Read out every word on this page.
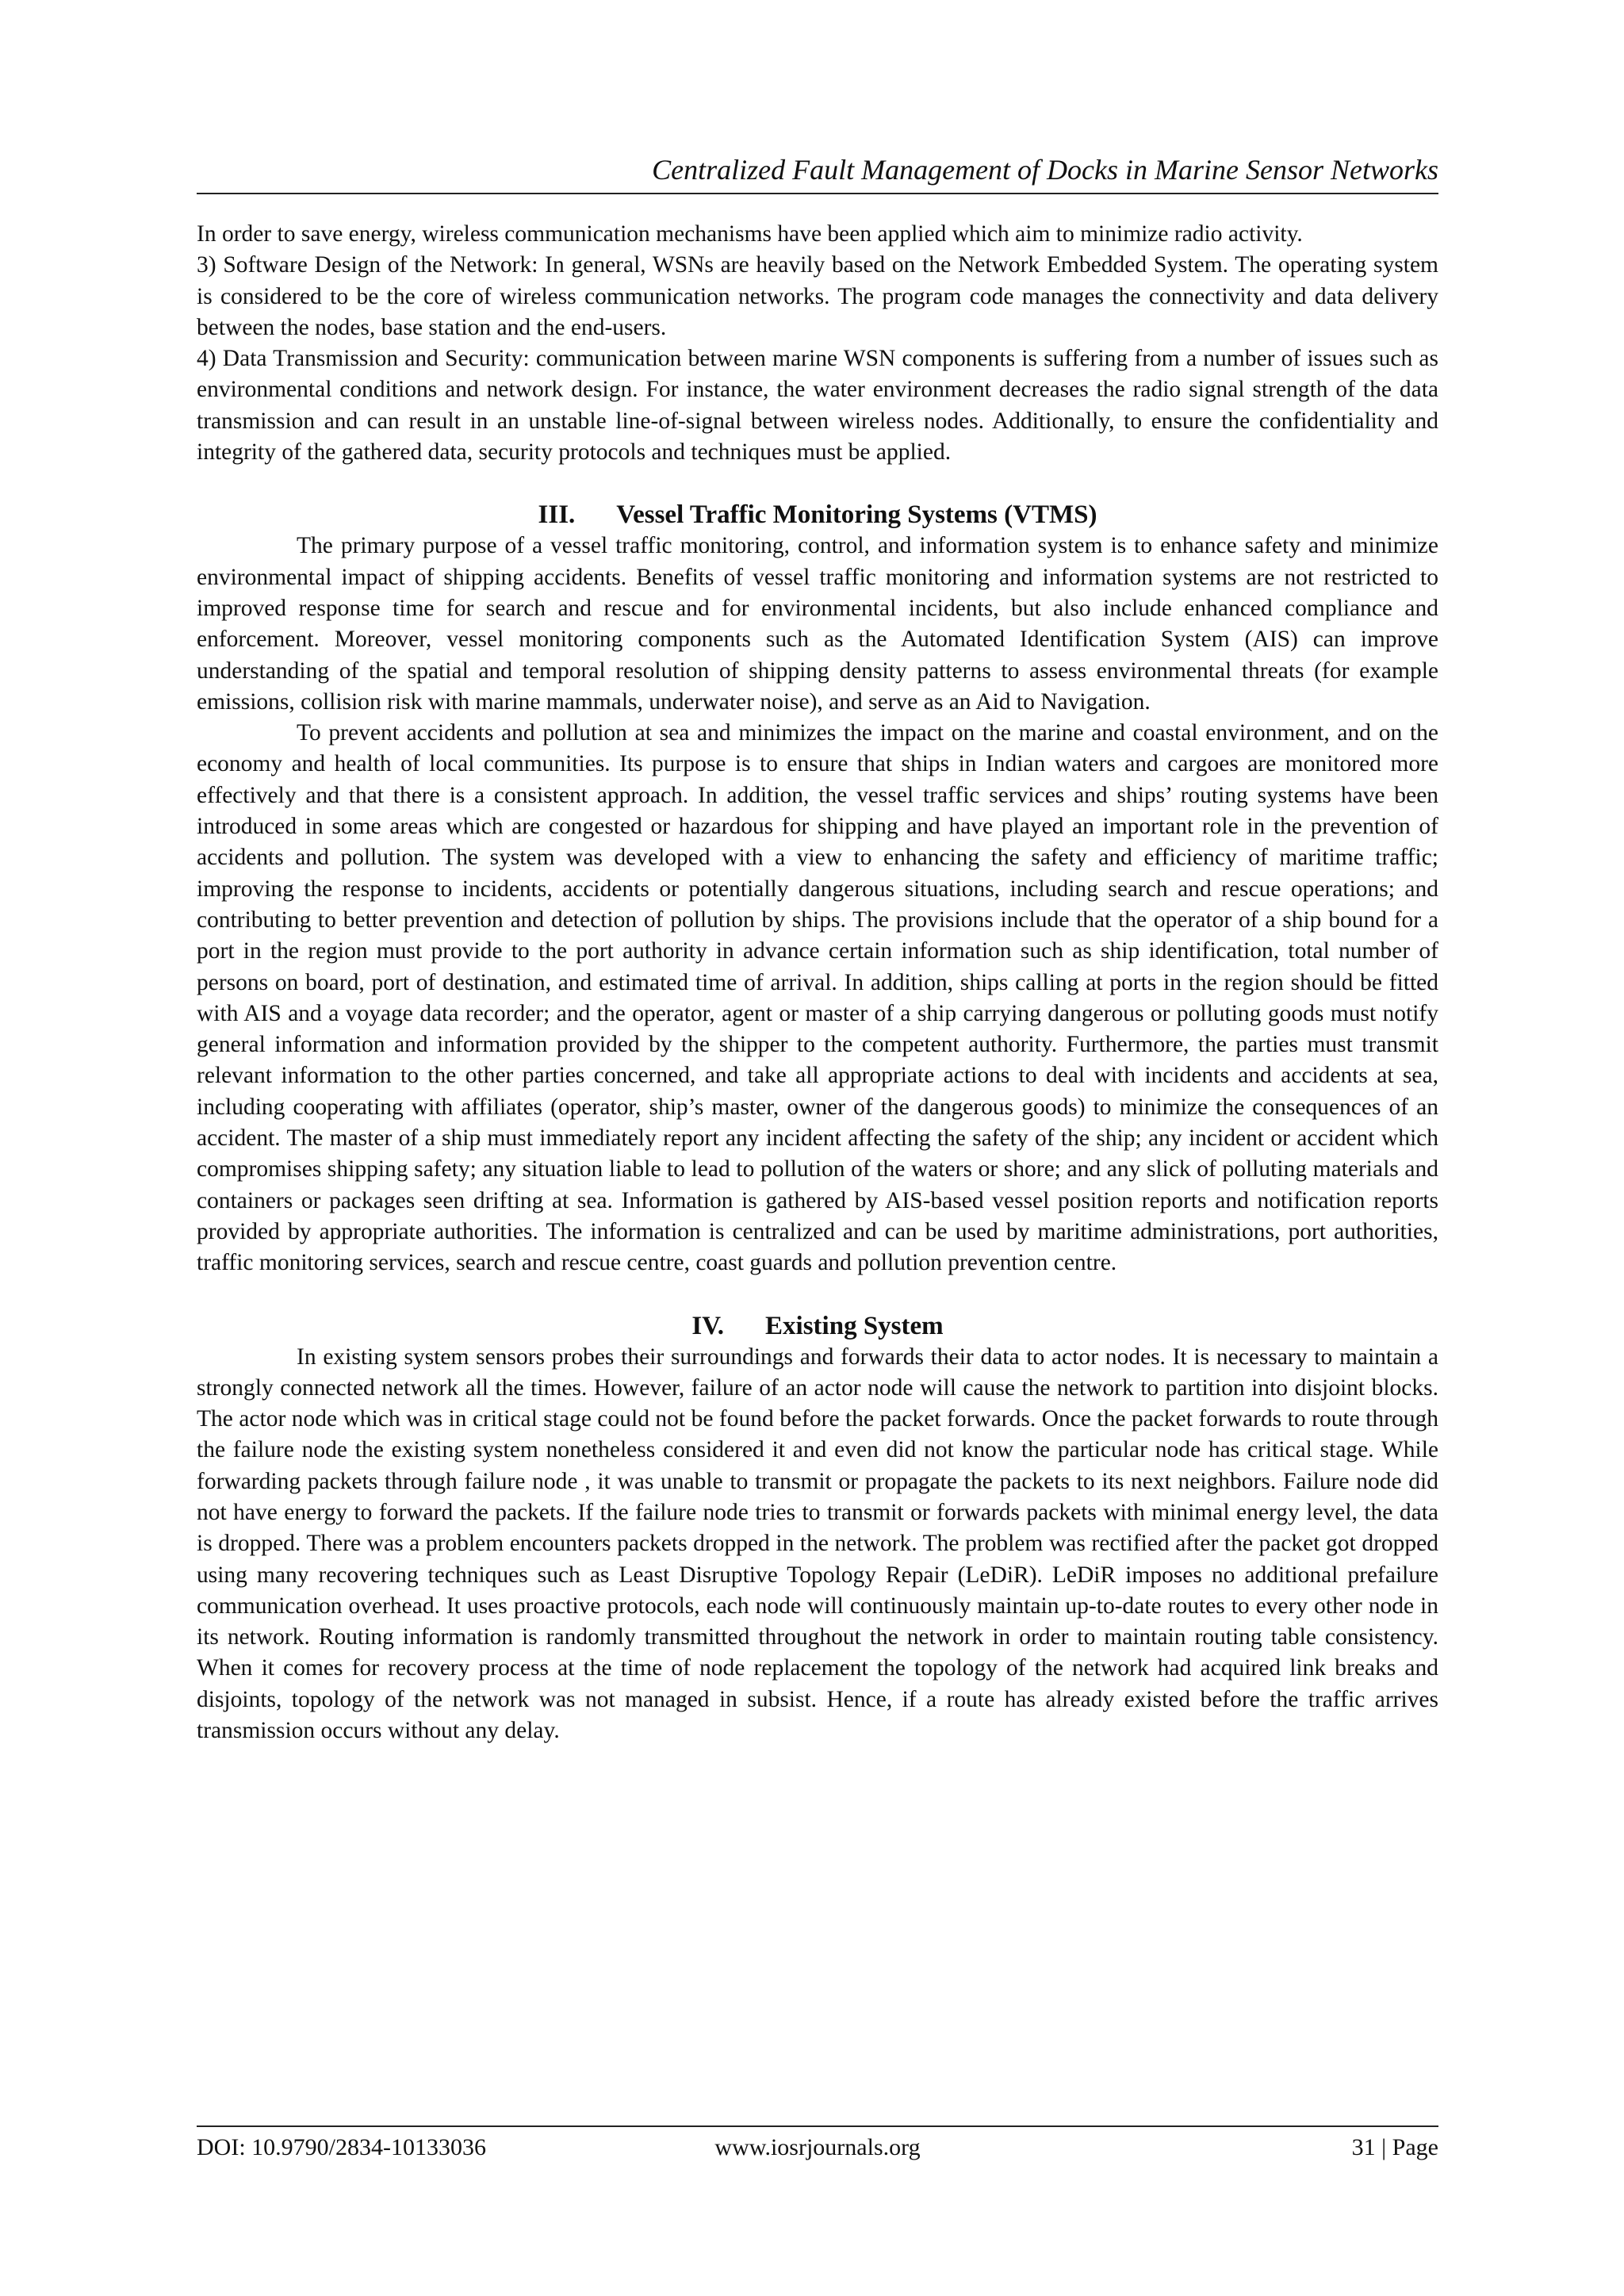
Centralized Fault Management of Docks in Marine Sensor Networks

In order to save energy, wireless communication mechanisms have been applied which aim to minimize radio activity.

3) Software Design of the Network: In general, WSNs are heavily based on the Network Embedded System. The operating system is considered to be the core of wireless communication networks. The program code manages the connectivity and data delivery between the nodes, base station and the end-users.

4) Data Transmission and Security: communication between marine WSN components is suffering from a number of issues such as environmental conditions and network design. For instance, the water environment decreases the radio signal strength of the data transmission and can result in an unstable line-of-signal between wireless nodes. Additionally, to ensure the confidentiality and integrity of the gathered data, security protocols and techniques must be applied.

III. Vessel Traffic Monitoring Systems (VTMS)

The primary purpose of a vessel traffic monitoring, control, and information system is to enhance safety and minimize environmental impact of shipping accidents. Benefits of vessel traffic monitoring and information systems are not restricted to improved response time for search and rescue and for environmental incidents, but also include enhanced compliance and enforcement. Moreover, vessel monitoring components such as the Automated Identification System (AIS) can improve understanding of the spatial and temporal resolution of shipping density patterns to assess environmental threats (for example emissions, collision risk with marine mammals, underwater noise), and serve as an Aid to Navigation.

To prevent accidents and pollution at sea and minimizes the impact on the marine and coastal environment, and on the economy and health of local communities. Its purpose is to ensure that ships in Indian waters and cargoes are monitored more effectively and that there is a consistent approach. In addition, the vessel traffic services and ships’ routing systems have been introduced in some areas which are congested or hazardous for shipping and have played an important role in the prevention of accidents and pollution. The system was developed with a view to enhancing the safety and efficiency of maritime traffic; improving the response to incidents, accidents or potentially dangerous situations, including search and rescue operations; and contributing to better prevention and detection of pollution by ships. The provisions include that the operator of a ship bound for a port in the region must provide to the port authority in advance certain information such as ship identification, total number of persons on board, port of destination, and estimated time of arrival. In addition, ships calling at ports in the region should be fitted with AIS and a voyage data recorder; and the operator, agent or master of a ship carrying dangerous or polluting goods must notify general information and information provided by the shipper to the competent authority. Furthermore, the parties must transmit relevant information to the other parties concerned, and take all appropriate actions to deal with incidents and accidents at sea, including cooperating with affiliates (operator, ship’s master, owner of the dangerous goods) to minimize the consequences of an accident. The master of a ship must immediately report any incident affecting the safety of the ship; any incident or accident which compromises shipping safety; any situation liable to lead to pollution of the waters or shore; and any slick of polluting materials and containers or packages seen drifting at sea. Information is gathered by AIS-based vessel position reports and notification reports provided by appropriate authorities. The information is centralized and can be used by maritime administrations, port authorities, traffic monitoring services, search and rescue centre, coast guards and pollution prevention centre.

IV. Existing System

In existing system sensors probes their surroundings and forwards their data to actor nodes. It is necessary to maintain a strongly connected network all the times. However, failure of an actor node will cause the network to partition into disjoint blocks. The actor node which was in critical stage could not be found before the packet forwards. Once the packet forwards to route through the failure node the existing system nonetheless considered it and even did not know the particular node has critical stage. While forwarding packets through failure node , it was unable to transmit or propagate the packets to its next neighbors. Failure node did not have energy to forward the packets. If the failure node tries to transmit or forwards packets with minimal energy level, the data is dropped. There was a problem encounters packets dropped in the network. The problem was rectified after the packet got dropped using many recovering techniques such as Least Disruptive Topology Repair (LeDiR). LeDiR imposes no additional prefailure communication overhead. It uses proactive protocols, each node will continuously maintain up-to-date routes to every other node in its network. Routing information is randomly transmitted throughout the network in order to maintain routing table consistency. When it comes for recovery process at the time of node replacement the topology of the network had acquired link breaks and disjoints, topology of the network was not managed in subsist. Hence, if a route has already existed before the traffic arrives transmission occurs without any delay.

DOI: 10.9790/2834-10133036	www.iosrjournals.org	31 | Page
